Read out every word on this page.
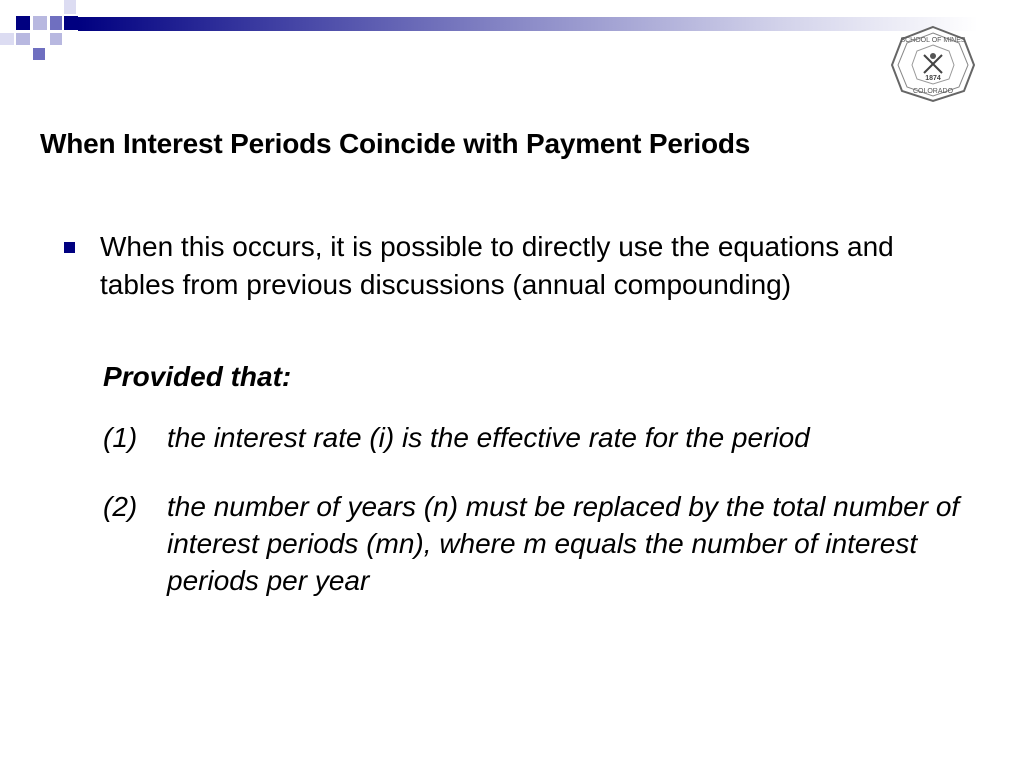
SCHOOL OF MINES
1874
COLORADO
When Interest Periods Coincide with Payment Periods
When this occurs, it is possible to directly use the equations and tables from previous discussions (annual compounding)
Provided that:
(1) the interest rate (i) is the effective rate for the period
(2) the number of years (n) must be replaced by the total number of interest periods (mn), where m equals the number of interest periods per year
